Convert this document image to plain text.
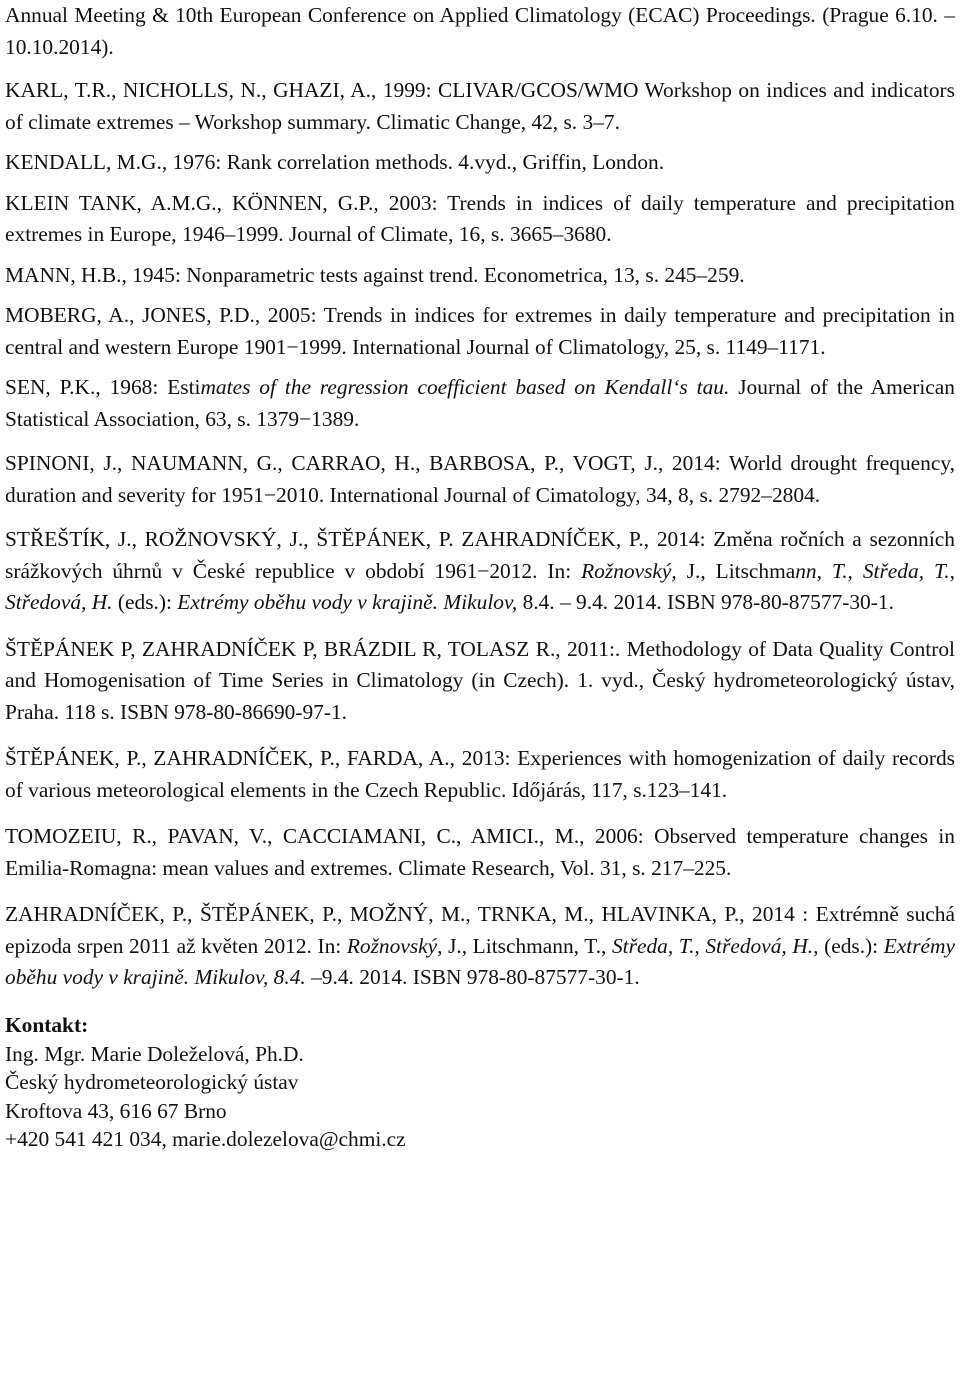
Annual Meeting & 10th European Conference on Applied Climatology (ECAC) Proceedings. (Prague 6.10. – 10.10.2014).

KARL, T.R., NICHOLLS, N., GHAZI, A., 1999: CLIVAR/GCOS/WMO Workshop on indices and indicators of climate extremes – Workshop summary. Climatic Change, 42, s. 3–7.

KENDALL, M.G., 1976: Rank correlation methods. 4.vyd., Griffin, London.

KLEIN TANK, A.M.G., KÖNNEN, G.P., 2003: Trends in indices of daily temperature and precipitation extremes in Europe, 1946–1999. Journal of Climate, 16, s. 3665–3680.

MANN, H.B., 1945: Nonparametric tests against trend. Econometrica, 13, s. 245–259.

MOBERG, A., JONES, P.D., 2005: Trends in indices for extremes in daily temperature and precipitation in central and western Europe 1901−1999. International Journal of Climatology, 25, s. 1149–1171.

SEN, P.K., 1968: Estimates of the regression coefficient based on Kendall‘s tau. Journal of the American Statistical Association, 63, s. 1379−1389.

SPINONI, J., NAUMANN, G., CARRAO, H., BARBOSA, P., VOGT, J., 2014: World drought frequency, duration and severity for 1951−2010. International Journal of Cimatology, 34, 8, s. 2792–2804.

STŘEŠTÍK, J., ROŽNOVSKÝ, J., ŠTĚPÁNEK, P. ZAHRADNÍČEK, P., 2014: Změna ročních a sezonních srážkových úhrnů v České republice v období 1961−2012. In: Rožnovský, J., Litschmann, T., Středa, T., Středová, H. (eds.): Extrémy oběhu vody v krajině. Mikulov, 8.4. – 9.4. 2014. ISBN 978-80-87577-30-1.

ŠTĚPÁNEK P, ZAHRADNÍČEK P, BRÁZDIL R, TOLASZ R., 2011:. Methodology of Data Quality Control and Homogenisation of Time Series in Climatology (in Czech). 1. vyd., Český hydrometeorologický ústav, Praha. 118 s. ISBN 978-80-86690-97-1.

ŠTĚPÁNEK, P., ZAHRADNÍČEK, P., FARDA, A., 2013: Experiences with homogenization of daily records of various meteorological elements in the Czech Republic. Időjárás, 117, s.123–141.

TOMOZEIU, R., PAVAN, V., CACCIAMANI, C., AMICI., M., 2006: Observed temperature changes in Emilia-Romagna: mean values and extremes. Climate Research, Vol. 31, s. 217–225.

ZAHRADNÍČEK, P., ŠTĚPÁNEK, P., MOŽNÝ, M., TRNKA, M., HLAVINKA, P., 2014 : Extrémně suchá epizoda srpen 2011 až květen 2012. In: Rožnovský, J., Litschmann, T., Středa, T., Středová, H., (eds.): Extrémy oběhu vody v krajině. Mikulov, 8.4. –9.4. 2014. ISBN 978-80-87577-30-1.

Kontakt:

Ing. Mgr. Marie Doleželová, Ph.D.

Český hydrometeorologický ústav

Kroftova 43, 616 67 Brno

+420 541 421 034, marie.dolezelova@chmi.cz
